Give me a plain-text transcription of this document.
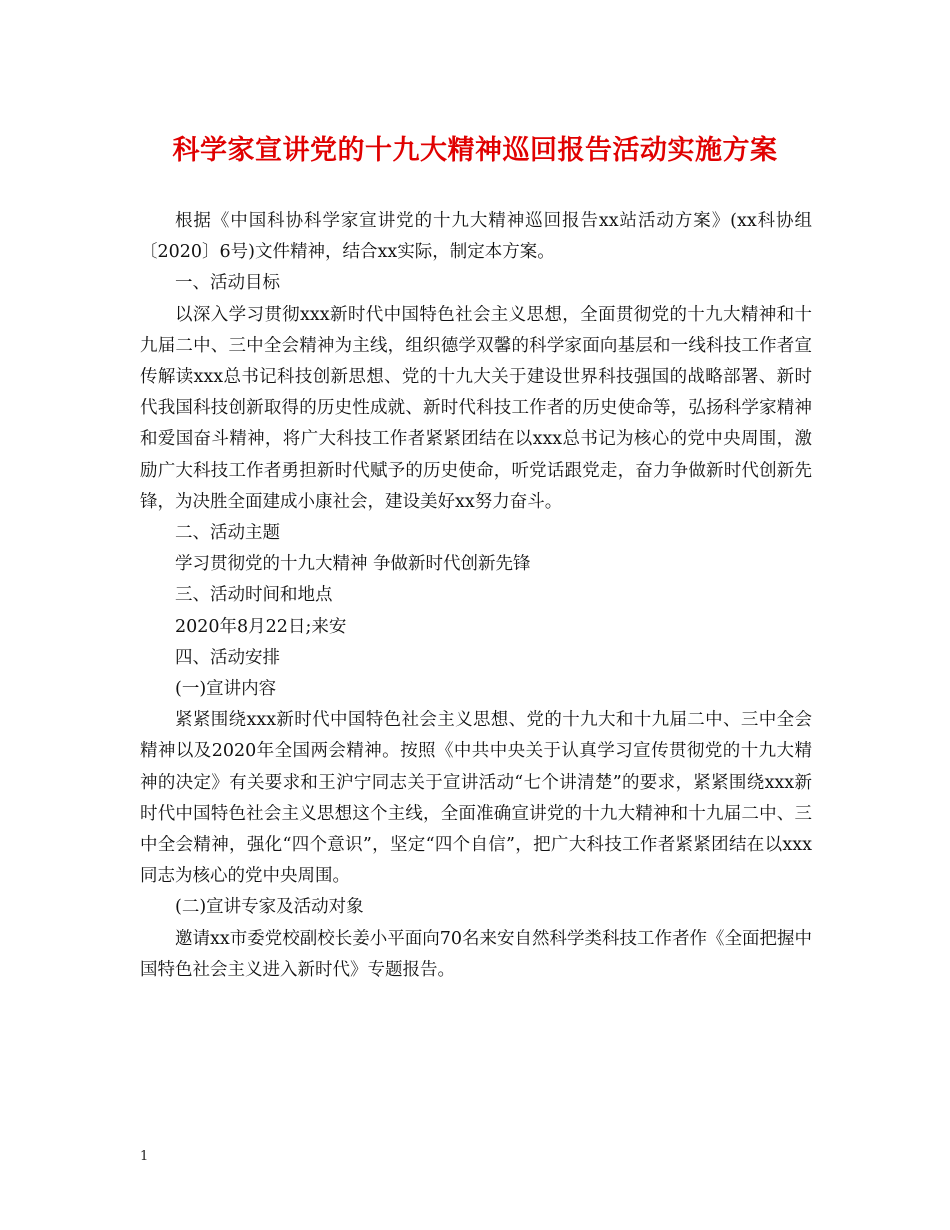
科学家宣讲党的十九大精神巡回报告活动实施方案

根据《中国科协科学家宣讲党的十九大精神巡回报告xx站活动方案》(xx科协组〔2020〕6号)文件精神，结合xx实际，制定本方案。

一、活动目标

以深入学习贯彻xxx新时代中国特色社会主义思想，全面贯彻党的十九大精神和十九届二中、三中全会精神为主线，组织德学双馨的科学家面向基层和一线科技工作者宣传解读xxx总书记科技创新思想、党的十九大关于建设世界科技强国的战略部署、新时代我国科技创新取得的历史性成就、新时代科技工作者的历史使命等，弘扬科学家精神和爱国奋斗精神，将广大科技工作者紧紧团结在以xxx总书记为核心的党中央周围，激励广大科技工作者勇担新时代赋予的历史使命，听党话跟党走，奋力争做新时代创新先锋，为决胜全面建成小康社会，建设美好xx努力奋斗。

二、活动主题

学习贯彻党的十九大精神 争做新时代创新先锋

三、活动时间和地点

2020年8月22日;来安

四、活动安排

(一)宣讲内容

紧紧围绕xxx新时代中国特色社会主义思想、党的十九大和十九届二中、三中全会精神以及2020年全国两会精神。按照《中共中央关于认真学习宣传贯彻党的十九大精神的决定》有关要求和王沪宁同志关于宣讲活动“七个讲清楚”的要求，紧紧围绕xxx新时代中国特色社会主义思想这个主线，全面准确宣讲党的十九大精神和十九届二中、三中全会精神，强化“四个意识”，坚定“四个自信”，把广大科技工作者紧紧团结在以xxx同志为核心的党中央周围。

(二)宣讲专家及活动对象

邀请xx市委党校副校长姜小平面向70名来安自然科学类科技工作者作《全面把握中国特色社会主义进入新时代》专题报告。

1
